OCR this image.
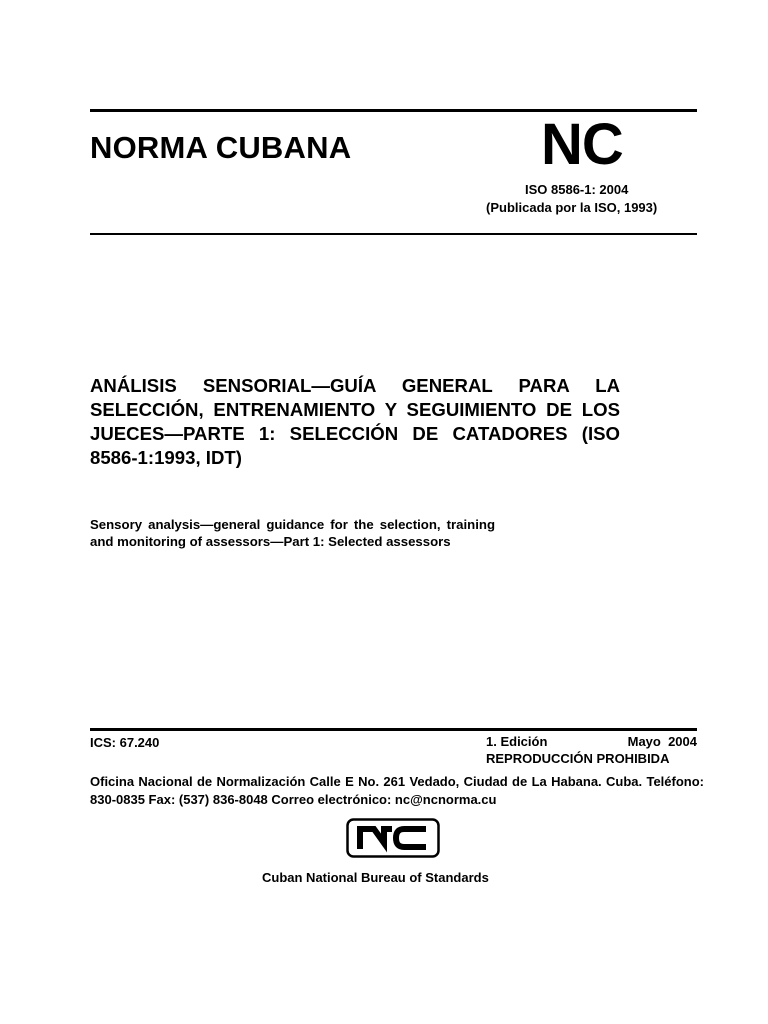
NORMA CUBANA	NC
ISO 8586-1: 2004
(Publicada por la ISO, 1993)
ANÁLISIS SENSORIAL—GUÍA GENERAL PARA LA SELECCIÓN, ENTRENAMIENTO Y SEGUIMIENTO DE LOS JUECES—PARTE 1: SELECCIÓN DE CATADORES (ISO 8586-1:1993, IDT)
Sensory analysis—general guidance for the selection, training and monitoring of assessors—Part 1: Selected assessors
ICS: 67.240	1. Edición	Mayo  2004
REPRODUCCIÓN PROHIBIDA
Oficina Nacional de Normalización Calle E No. 261 Vedado, Ciudad de La Habana. Cuba. Teléfono: 830-0835 Fax: (537) 836-8048 Correo electrónico: nc@ncnorma.cu
Cuban National Bureau of Standards
